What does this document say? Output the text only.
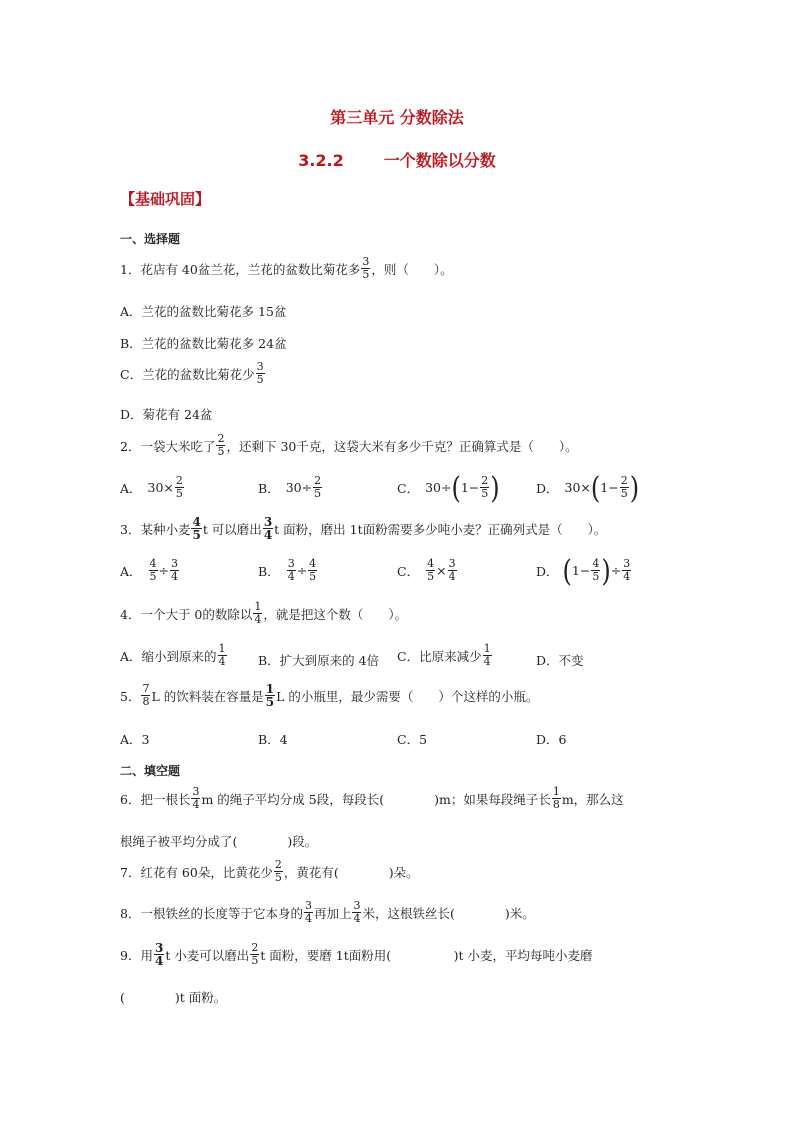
第三单元 分数除法
3.2.2	一个数除以分数
【基础巩固】
一、选择题
1．花店有 40盆兰花，兰花的盆数比菊花多 $\frac{3}{5}$ ，则（　　）。
A．兰花的盆数比菊花多 15盆
B．兰花的盆数比菊花多 24盆
C．兰花的盆数比菊花少 $\frac{3}{5}$
D．菊花有 24盆
2．一袋大米吃了 $\frac{2}{5}$ ，还剩下 30千克，这袋大米有多少千克？正确算式是（　　）。
A． $30\times \frac{2}{5}$	B． $30\div \frac{2}{5}$	C． 30÷ ( $1- \frac{2}{5}$ )	D． 30× ( $1- \frac{2}{5}$ )
3．某种小麦 $\frac{4}{5}$ t 可以磨出 $\frac{3}{4}$ t 面粉，磨出 1t面粉需要多少吨小麦？正确列式是（　　）。
A． $\frac{4}{5} \div \frac{3}{4}$	B． $\frac{3}{4} \div \frac{4}{5}$	C． $\frac{4}{5} \times \frac{3}{4}$	D． ( $1- \frac{4}{5}$ ) ÷ $\frac{3}{4}$
4．一个大于 0的数除以 $\frac{1}{4}$ ，就是把这个数（　　）。
A．缩小到原来的 $\frac{1}{4}$	B．扩大到原来的 4倍 C．比原来减少 $\frac{1}{4}$	D．不变
5． $\frac{7}{8}$ L 的饮料装在容量是 $\frac{1}{5}$ L 的小瓶里，最少需要（　　）个这样的小瓶。
A．3	B．4	C．5	D．6
二、填空题
6．把一根长 $\frac{3}{4}$ m 的绳子平均分成 5段，每段长(　　　　)m；如果每段绳子长 $\frac{1}{8}$ m，那么这
根绳子被平均分成了(　　　　)段。
7．红花有 60朵，比黄花少 $\frac{2}{5}$ ，黄花有(　　　　)朵。
8．一根铁丝的长度等于它本身的 $\frac{3}{4}$ 再加上 $\frac{3}{4}$ 米，这根铁丝长(　　　　)米。
9．用 $\frac{3}{4}$ t 小麦可以磨出 $\frac{2}{5}$ t 面粉，要磨 1t面粉用(　　　　　)t 小麦，平均每吨小麦磨
(　　　　)t 面粉。
